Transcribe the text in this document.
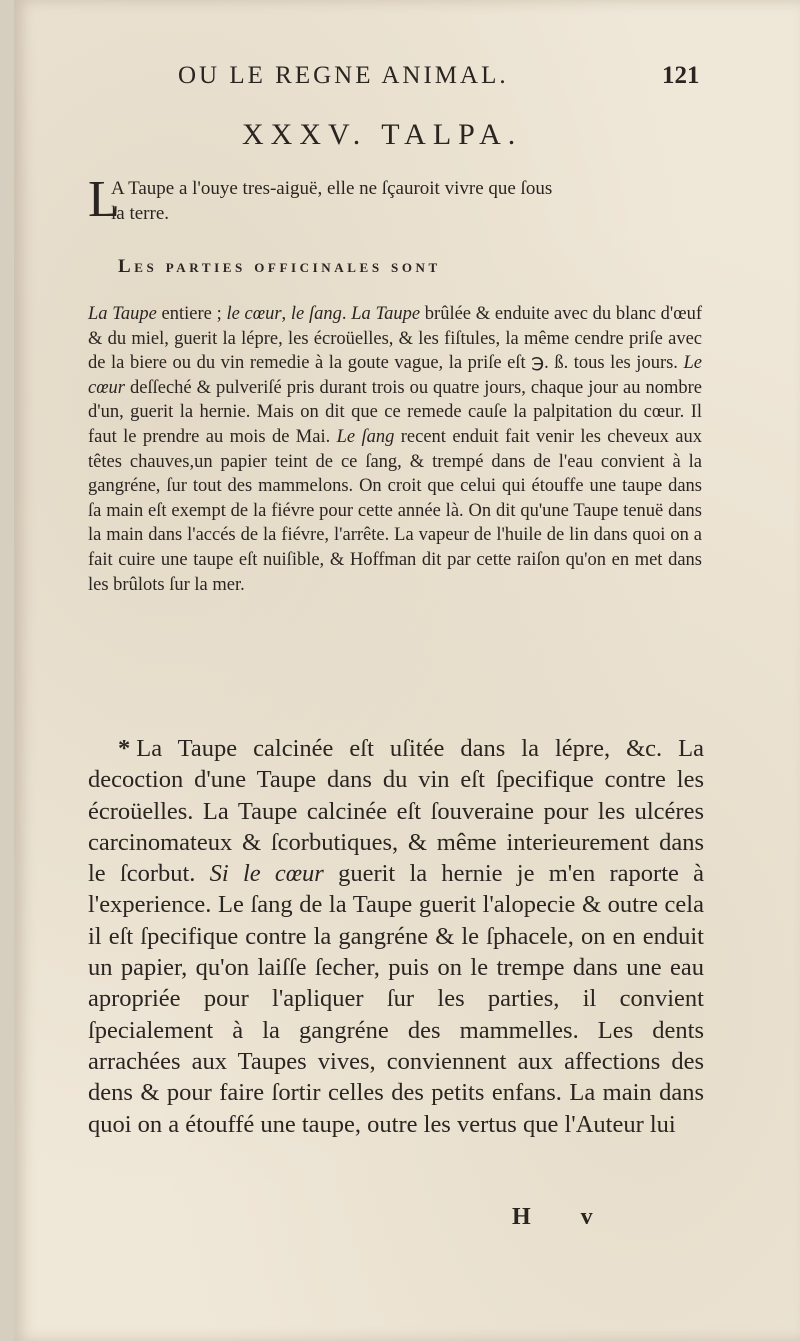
OU LE REGNE ANIMAL.	121
XXXV. TALPA.
L
A Taupe a l'ouye tres-aiguë, elle ne ſçauroit vivre que ſous
la terre.
Les parties officinales sont
La Taupe entiere ; le cœur, le ſang. La Taupe brûlée & enduite avec du blanc d'œuf & du miel, guerit la lépre, les écroüelles, & les fiſtules, la même cendre priſe avec de la biere ou du vin remedie à la goute vague, la priſe eſt ℈. ß. tous les jours. Le cœur deſſeché & pulveriſé pris durant trois ou quatre jours, chaque jour au nombre d'un, guerit la hernie. Mais on dit que ce remede cauſe la palpitation du cœur. Il faut le prendre au mois de Mai. Le ſang recent enduit fait venir les cheveux aux têtes chauves,un papier teint de ce ſang, & trempé dans de l'eau convient à la gangréne, ſur tout des mammelons. On croit que celui qui étouffe une taupe dans ſa main eſt exempt de la fiévre pour cette année là. On dit qu'une Taupe tenuë dans la main dans l'accés de la fiévre, l'arrête. La vapeur de l'huile de lin dans quoi on a fait cuire une taupe eſt nuiſible, & Hoffman dit par cette raiſon qu'on en met dans les brûlots ſur la mer.
* La Taupe calcinée eſt uſitée dans la lépre, &c. La decoction d'une Taupe dans du vin eſt ſpecifique contre les écroüelles. La Taupe calcinée eſt ſouveraine pour les ulcéres carcinomateux & ſcorbutiques, & même interieurement dans le ſcorbut. Si le cœur guerit la hernie je m'en raporte à l'experience. Le ſang de la Taupe guerit l'alopecie & outre cela il eſt ſpecifique contre la gangréne & le ſphacele, on en enduit un papier, qu'on laiſſe ſecher, puis on le trempe dans une eau apropriée pour l'apliquer ſur les parties, il convient ſpecialement à la gangréne des mammelles. Les dents arrachées aux Taupes vives, conviennent aux affections des dens & pour faire ſortir celles des petits enfans. La main dans quoi on a étouffé une taupe, outre les vertus que l'Auteur lui
H v
